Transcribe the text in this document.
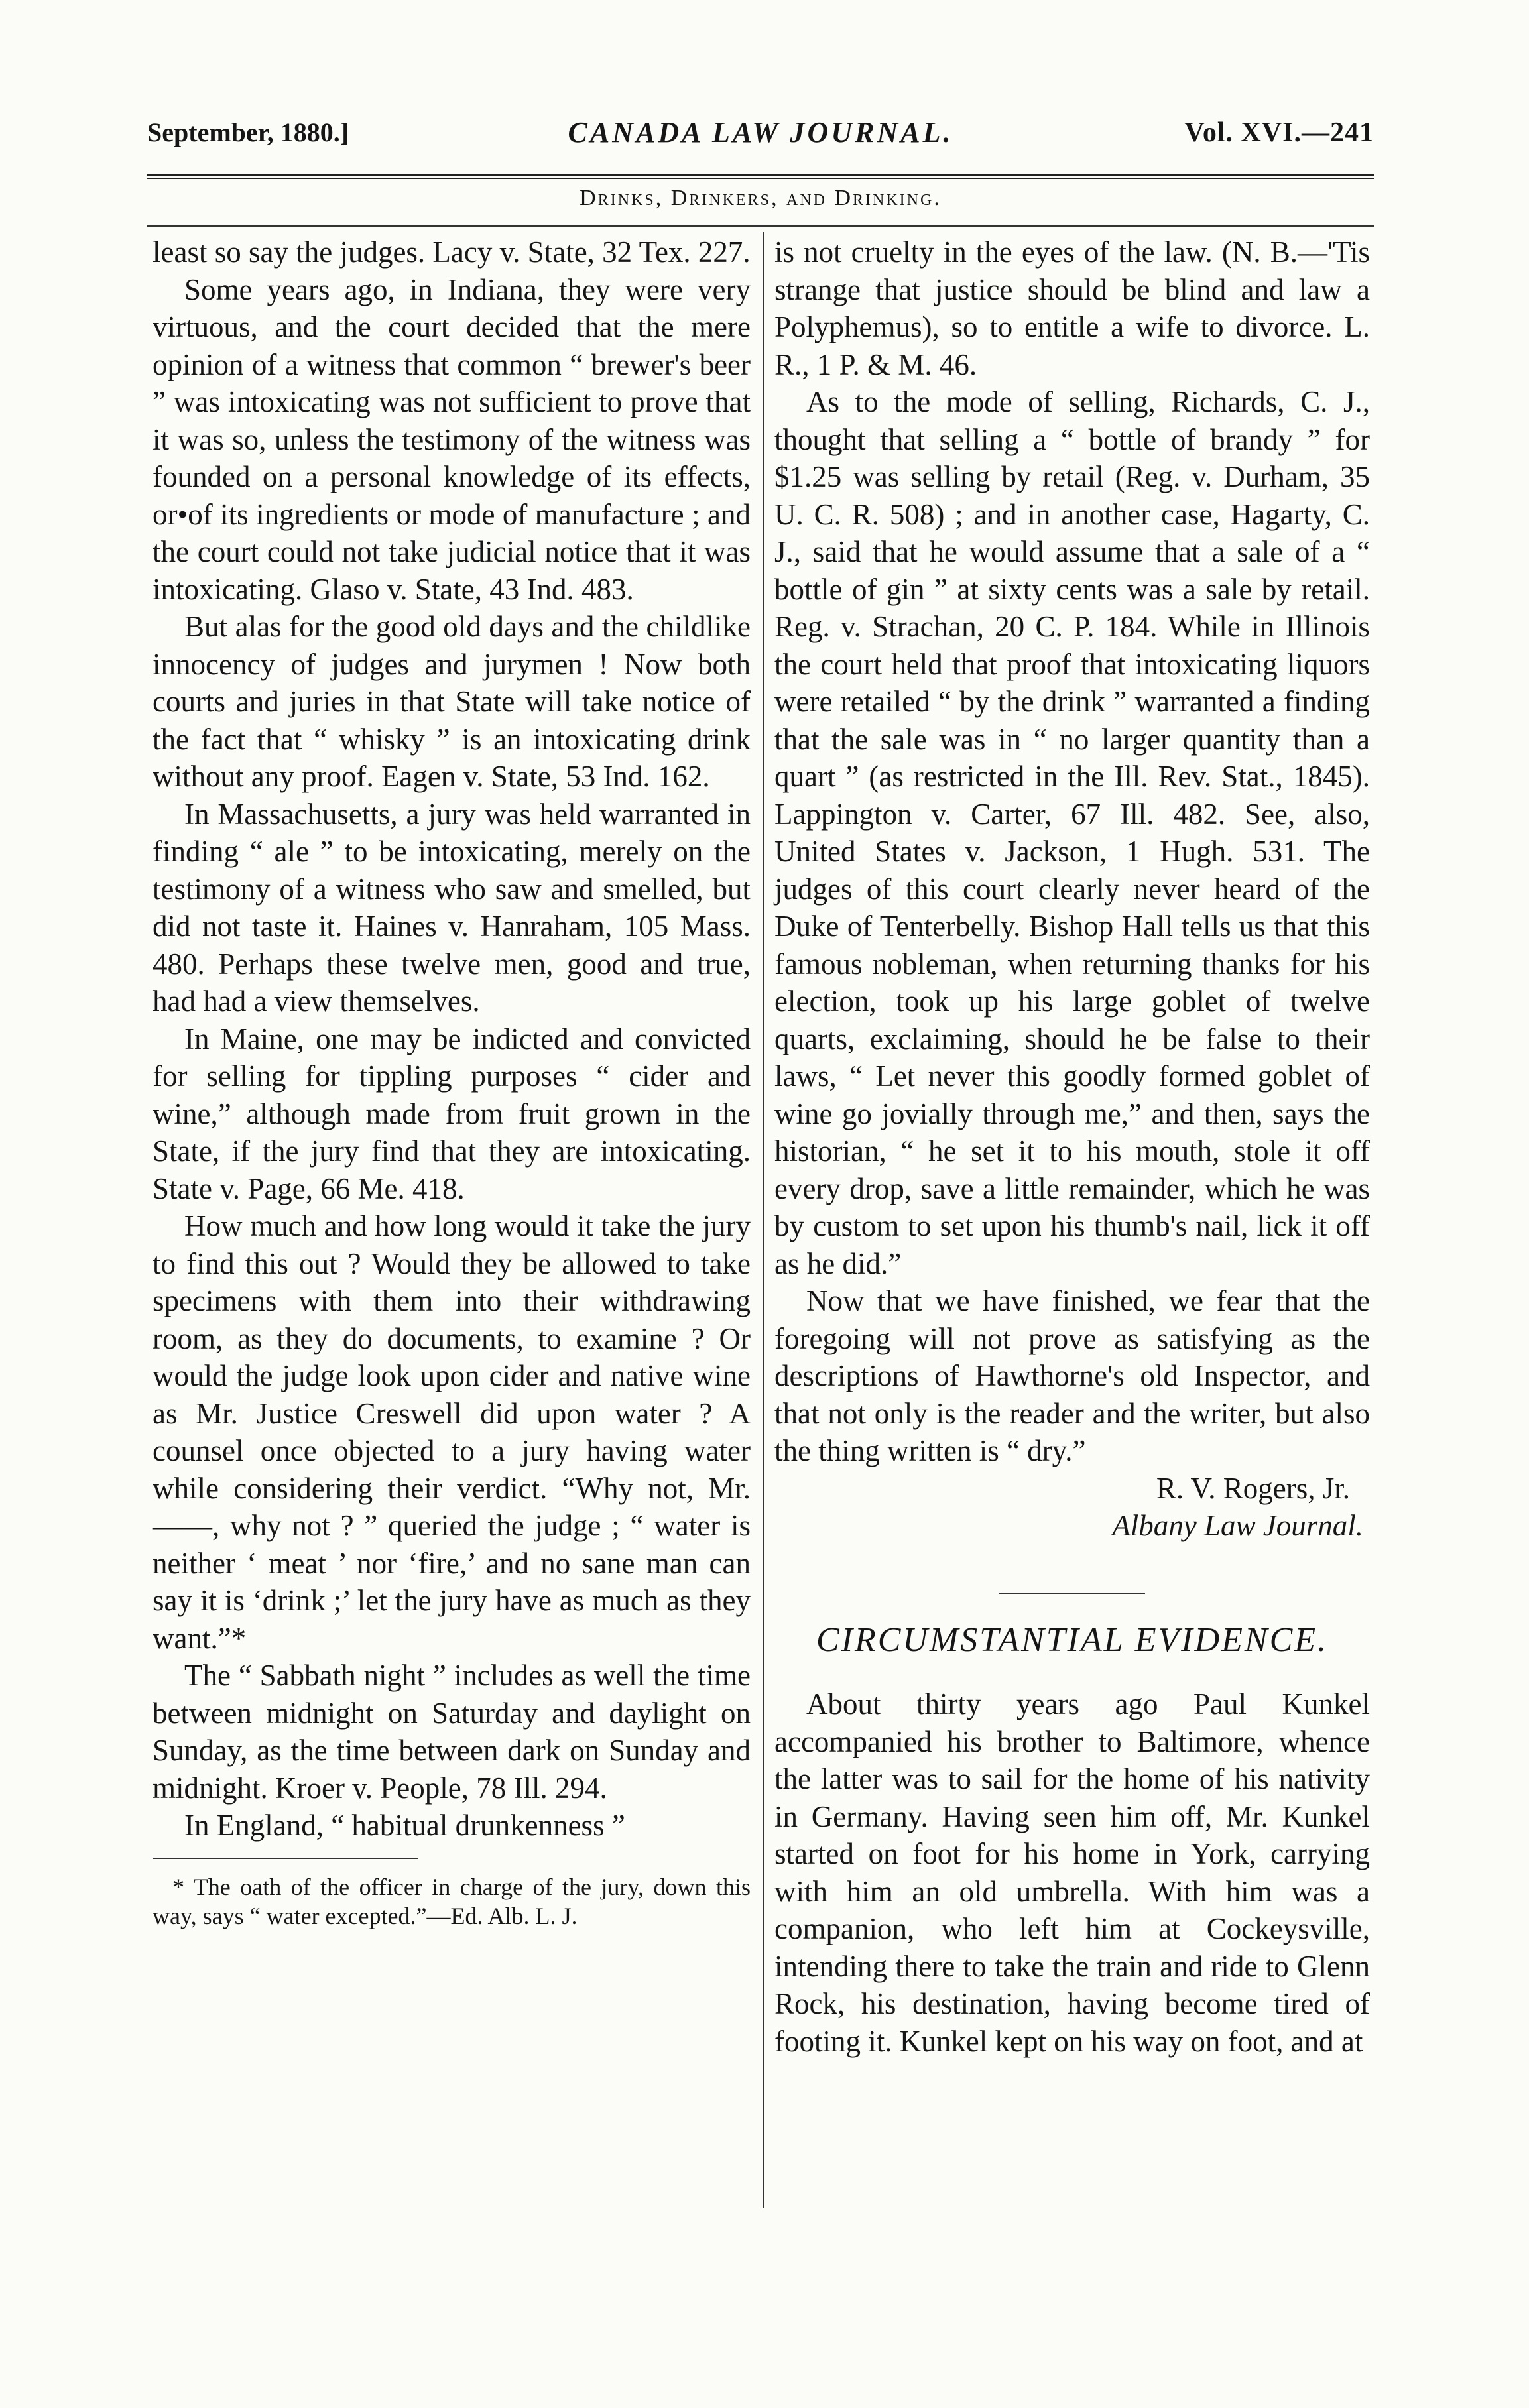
September, 1880.]	CANADA LAW JOURNAL.	Vol. XVI.—241
Drinks, Drinkers, and Drinking.

least so say the judges. Lacy v. State, 32 Tex. 227.

Some years ago, in Indiana, they were very virtuous, and the court decided that the mere opinion of a witness that common “ brewer's beer ” was intoxicating was not sufficient to prove that it was so, unless the testimony of the witness was founded on a personal knowledge of its effects, or•of its ingredients or mode of manufacture ; and the court could not take judicial notice that it was intoxicating. Glaso v. State, 43 Ind. 483.

But alas for the good old days and the childlike innocency of judges and jurymen ! Now both courts and juries in that State will take notice of the fact that “ whisky ” is an intoxicating drink without any proof. Eagen v. State, 53 Ind. 162.

In Massachusetts, a jury was held warranted in finding “ ale ” to be intoxicating, merely on the testimony of a witness who saw and smelled, but did not taste it. Haines v. Hanraham, 105 Mass. 480. Perhaps these twelve men, good and true, had had a view themselves.

In Maine, one may be indicted and convicted for selling for tippling purposes “ cider and wine,” although made from fruit grown in the State, if the jury find that they are intoxicating. State v. Page, 66 Me. 418.

How much and how long would it take the jury to find this out ? Would they be allowed to take specimens with them into their withdrawing room, as they do documents, to examine ? Or would the judge look upon cider and native wine as Mr. Justice Creswell did upon water ? A counsel once objected to a jury having water while considering their verdict. “Why not, Mr.——, why not ? ” queried the judge ; “ water is neither ‘ meat ’ nor ‘fire,’ and no sane man can say it is ‘drink ;’ let the jury have as much as they want.”*

The “ Sabbath night ” includes as well the time between midnight on Saturday and daylight on Sunday, as the time between dark on Sunday and midnight. Kroer v. People, 78 Ill. 294.

In England, “ habitual drunkenness ”

* The oath of the officer in charge of the jury, down this way, says “ water excepted.”—Ed. Alb. L. J.

is not cruelty in the eyes of the law. (N. B.—'Tis strange that justice should be blind and law a Polyphemus), so to entitle a wife to divorce. L. R., 1 P. & M. 46.

As to the mode of selling, Richards, C. J., thought that selling a “ bottle of brandy ” for $1.25 was selling by retail (Reg. v. Durham, 35 U. C. R. 508) ; and in another case, Hagarty, C. J., said that he would assume that a sale of a “ bottle of gin ” at sixty cents was a sale by retail. Reg. v. Strachan, 20 C. P. 184. While in Illinois the court held that proof that intoxicating liquors were retailed “ by the drink ” warranted a finding that the sale was in “ no larger quantity than a quart ” (as restricted in the Ill. Rev. Stat., 1845). Lappington v. Carter, 67 Ill. 482. See, also, United States v. Jackson, 1 Hugh. 531. The judges of this court clearly never heard of the Duke of Tenterbelly. Bishop Hall tells us that this famous nobleman, when returning thanks for his election, took up his large goblet of twelve quarts, exclaiming, should he be false to their laws, “ Let never this goodly formed goblet of wine go jovially through me,” and then, says the historian, “ he set it to his mouth, stole it off every drop, save a little remainder, which he was by custom to set upon his thumb's nail, lick it off as he did.”

Now that we have finished, we fear that the foregoing will not prove as satisfying as the descriptions of Hawthorne's old Inspector, and that not only is the reader and the writer, but also the thing written is “ dry.”

R. V. Rogers, Jr.

Albany Law Journal.

CIRCUMSTANTIAL EVIDENCE.

About thirty years ago Paul Kunkel accompanied his brother to Baltimore, whence the latter was to sail for the home of his nativity in Germany. Having seen him off, Mr. Kunkel started on foot for his home in York, carrying with him an old umbrella. With him was a companion, who left him at Cockeysville, intending there to take the train and ride to Glenn Rock, his destination, having become tired of footing it. Kunkel kept on his way on foot, and at
